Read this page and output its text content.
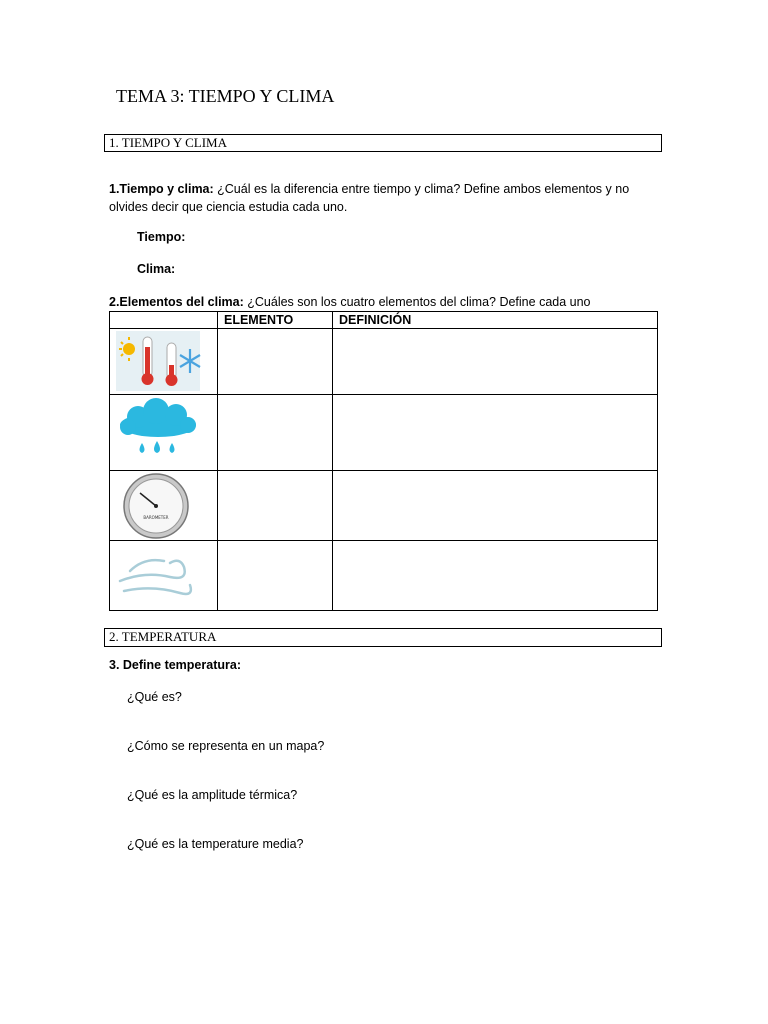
TEMA 3: TIEMPO Y CLIMA
1. TIEMPO Y CLIMA
1.Tiempo y clima: ¿Cuál es la diferencia entre tiempo y clima? Define ambos elementos y no olvides decir que ciencia estudia cada uno.
Tiempo:
Clima:
2.Elementos del clima: ¿Cuáles son los cuatro elementos del clima? Define cada uno
	ELEMENTO	DEFINICIÓN

BAROMETER		

2. TEMPERATURA
3. Define temperatura:
¿Qué es?
¿Cómo se representa en un mapa?
¿Qué es la amplitude térmica?
¿Qué es la temperature media?
